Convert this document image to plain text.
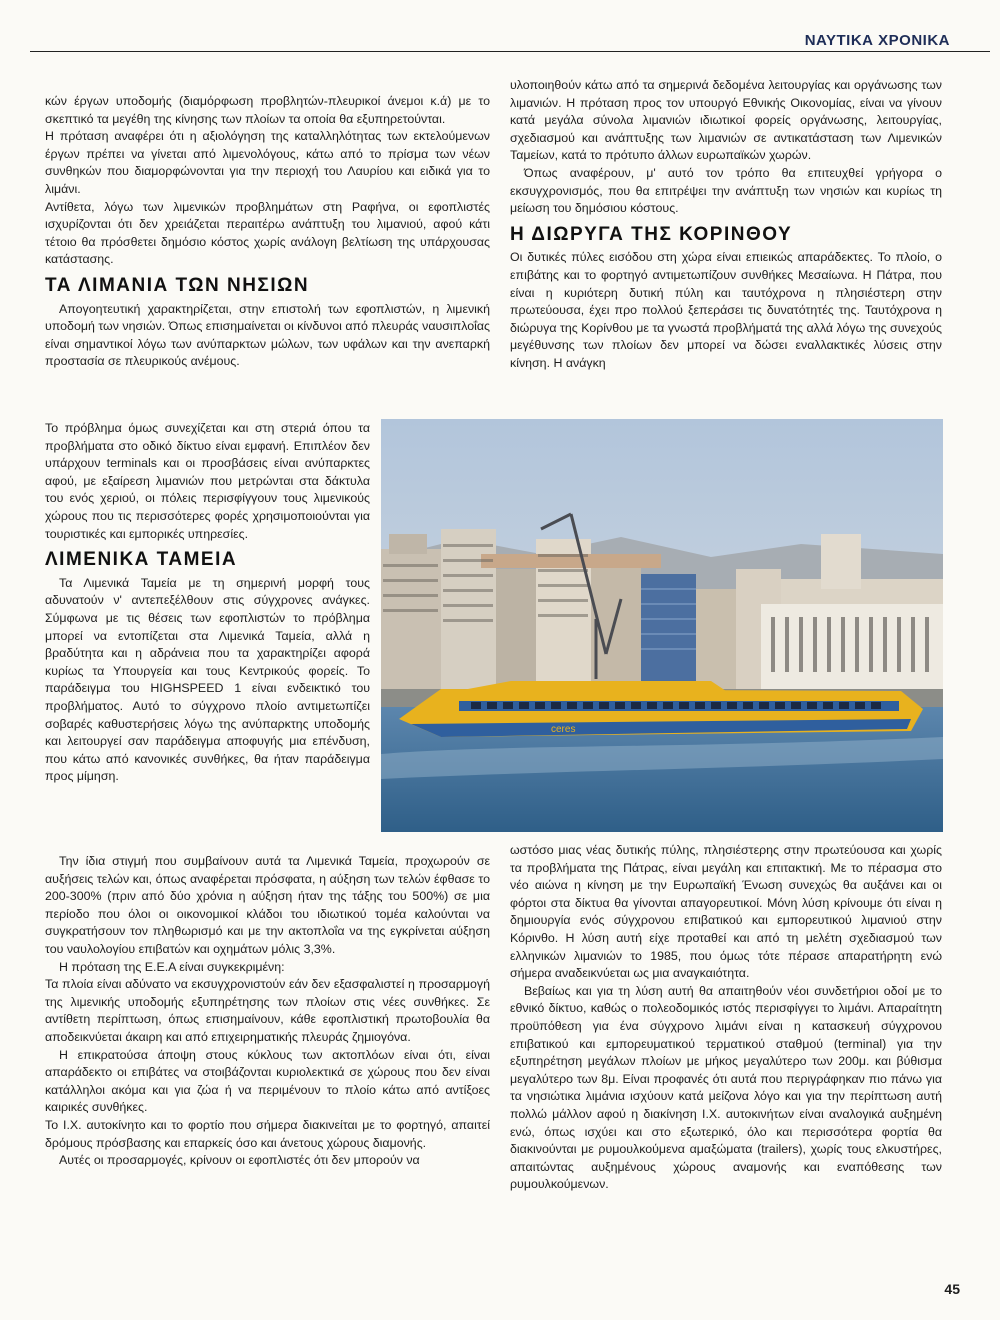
ΝΑΥΤΙΚΑ ΧΡΟΝΙΚΑ

κών έργων υποδομής (διαμόρφωση προβλητών-πλευρικοί άνεμοι κ.ά) με το σκεπτικό τα μεγέθη της κίνησης των πλοίων τα οποία θα εξυπηρετούνται.

Η πρόταση αναφέρει ότι η αξιολόγηση της καταλληλότητας των εκτελούμενων έργων πρέπει να γίνεται από λιμενολόγους, κάτω από το πρίσμα των νέων συνθηκών που διαμορφώνονται για την περιοχή του Λαυρίου και ειδικά για το λιμάνι.

Αντίθετα, λόγω των λιμενικών προβλημάτων στη Ραφήνα, οι εφοπλιστές ισχυρίζονται ότι δεν χρειάζεται περαιτέρω ανάπτυξη του λιμανιού, αφού κάτι τέτοιο θα πρόσθετει δημόσιο κόστος χωρίς ανάλογη βελτίωση της υπάρχουσας κατάστασης.

ΤΑ ΛΙΜΑΝΙΑ ΤΩΝ ΝΗΣΙΩΝ

Απογοητευτική χαρακτηρίζεται, στην επιστολή των εφοπλιστών, η λιμενική υποδομή των νησιών. Όπως επισημαίνεται οι κίνδυνοι από πλευράς ναυσιπλοΐας είναι σημαντικοί λόγω των ανύπαρκτων μώλων, των υφάλων και την ανεπαρκή προστασία σε πλευρικούς ανέμους.

Το πρόβλημα όμως συνεχίζεται και στη στεριά όπου τα προβλήματα στο οδικό δίκτυο είναι εμφανή. Επιπλέον δεν υπάρχουν terminals και οι προσβάσεις είναι ανύπαρκτες αφού, με εξαίρεση λιμανιών που μετρώνται στα δάκτυλα του ενός χεριού, οι πόλεις περισφίγγουν τους λιμενικούς χώρους που τις περισσότερες φορές χρησιμοποιούνται για τουριστικές και εμπορικές υπηρεσίες.

ΛΙΜΕΝΙΚΑ ΤΑΜΕΙΑ

Τα Λιμενικά Ταμεία με τη σημερινή μορφή τους αδυνατούν ν' αντεπεξέλθουν στις σύγχρονες ανάγκες. Σύμφωνα με τις θέσεις των εφοπλιστών το πρόβλημα μπορεί να εντοπίζεται στα Λιμενικά Ταμεία, αλλά η βραδύτητα και η αδράνεια που τα χαρακτηρίζει αφορά κυρίως τα Υπουργεία και τους Κεντρικούς φορείς. Το παράδειγμα του HIGHSPEED 1 είναι ενδεικτικό του προβλήματος. Αυτό το σύγχρονο πλοίο αντιμετωπίζει σοβαρές καθυστερήσεις λόγω της ανύπαρκτης υποδομής και λειτουργεί σαν παράδειγμα αποφυγής μια επένδυση, που κάτω από κανονικές συνθήκες, θα ήταν παράδειγμα προς μίμηση.

Την ίδια στιγμή που συμβαίνουν αυτά τα Λιμενικά Ταμεία, προχωρούν σε αυξήσεις τελών και, όπως αναφέρεται πρόσφατα, η αύξηση των τελών έφθασε το 200-300% (πριν από δύο χρόνια η αύξηση ήταν της τάξης του 500%) σε μια περίοδο που όλοι οι οικονομικοί κλάδοι του ιδιωτικού τομέα καλούνται να συγκρατήσουν τον πληθωρισμό και με την ακτοπλοΐα να της εγκρίνεται αύξηση του ναυλολογίου επιβατών και οχημάτων μόλις 3,3%.

Η πρόταση της Ε.Ε.Α είναι συγκεκριμένη:

Τα πλοία είναι αδύνατο να εκσυγχρονιστούν εάν δεν εξασφαλιστεί η προσαρμογή της λιμενικής υποδομής εξυπηρέτησης των πλοίων στις νέες συνθήκες. Σε αντίθετη περίπτωση, όπως επισημαίνουν, κάθε εφοπλιστική πρωτοβουλία θα αποδεικνύεται άκαιρη και από επιχειρηματικής πλευράς ζημιογόνα.

Η επικρατούσα άποψη στους κύκλους των ακτοπλόων είναι ότι, είναι απαράδεκτο οι επιβάτες να στοιβάζονται κυριολεκτικά σε χώρους που δεν είναι κατάλληλοι ακόμα και για ζώα ή να περιμένουν το πλοίο κάτω από αντίξοες καιρικές συνθήκες.

Το Ι.Χ. αυτοκίνητο και το φορτίο που σήμερα διακινείται με το φορτηγό, απαιτεί δρόμους πρόσβασης και επαρκείς όσο και άνετους χώρους διαμονής.

Αυτές οι προσαρμογές, κρίνουν οι εφοπλιστές ότι δεν μπορούν να

υλοποιηθούν κάτω από τα σημερινά δεδομένα λειτουργίας και οργάνωσης των λιμανιών. Η πρόταση προς τον υπουργό Εθνικής Οικονομίας, είναι να γίνουν κατά μεγάλα σύνολα λιμανιών ιδιωτικοί φορείς οργάνωσης, λειτουργίας, σχεδιασμού και ανάπτυξης των λιμανιών σε αντικατάσταση των Λιμενικών Ταμείων, κατά το πρότυπο άλλων ευρωπαϊκών χωρών.

Όπως αναφέρουν, μ' αυτό τον τρόπο θα επιτευχθεί γρήγορα ο εκσυγχρονισμός, που θα επιτρέψει την ανάπτυξη των νησιών και κυρίως τη μείωση του δημόσιου κόστους.

Η ΔΙΩΡΥΓΑ ΤΗΣ ΚΟΡΙΝΘΟΥ

Οι δυτικές πύλες εισόδου στη χώρα είναι επιεικώς απαράδεκτες. Το πλοίο, ο επιβάτης και το φορτηγό αντιμετωπίζουν συνθήκες Μεσαίωνα. Η Πάτρα, που είναι η κυριότερη δυτική πύλη και ταυτόχρονα η πλησιέστερη στην πρωτεύουσα, έχει προ πολλού ξεπεράσει τις δυνατότητές της. Ταυτόχρονα η διώρυγα της Κορίνθου με τα γνωστά προβλήματά της αλλά λόγω της συνεχούς μεγέθυνσης των πλοίων δεν μπορεί να δώσει εναλλακτικές λύσεις στην κίνηση. Η ανάγκη

ceres

ωστόσο μιας νέας δυτικής πύλης, πλησιέστερης στην πρωτεύουσα και χωρίς τα προβλήματα της Πάτρας, είναι μεγάλη και επιτακτική. Με το πέρασμα στο νέο αιώνα η κίνηση με την Ευρωπαϊκή Ένωση συνεχώς θα αυξάνει και οι φόρτοι στα δίκτυα θα γίνονται απαγορευτικοί. Μόνη λύση κρίνουμε ότι είναι η δημιουργία ενός σύγχρονου επιβατικού και εμπορευτικού λιμανιού στην Κόρινθο. Η λύση αυτή είχε προταθεί και από τη μελέτη σχεδιασμού των ελληνικών λιμανιών το 1985, που όμως τότε πέρασε απαρατήρητη ενώ σήμερα αναδεικνύεται ως μια αναγκαιότητα.

Βεβαίως και για τη λύση αυτή θα απαιτηθούν νέοι συνδετήριοι οδοί με το εθνικό δίκτυο, καθώς ο πολεοδομικός ιστός περισφίγγει το λιμάνι. Απαραίτητη προϋπόθεση για ένα σύγχρονο λιμάνι είναι η κατασκευή σύγχρονου επιβατικού και εμπορευματικού τερματικού σταθμού (terminal) για την εξυπηρέτηση μεγάλων πλοίων με μήκος μεγαλύτερο των 200μ. και βύθισμα μεγαλύτερο των 8μ. Είναι προφανές ότι αυτά που περιγράφηκαν πιο πάνω για τα νησιώτικα λιμάνια ισχύουν κατά μείζονα λόγο και για την περίπτωση αυτή πολλώ μάλλον αφού η διακίνηση Ι.Χ. αυτοκινήτων είναι αναλογικά αυξημένη ενώ, όπως ισχύει και στο εξωτερικό, όλο και περισσότερα φορτία θα διακινούνται με ρυμουλκούμενα αμαξώματα (trailers), χωρίς τους ελκυστήρες, απαιτώντας αυξημένους χώρους αναμονής και εναπόθεσης των ρυμουλκούμενων.

45
